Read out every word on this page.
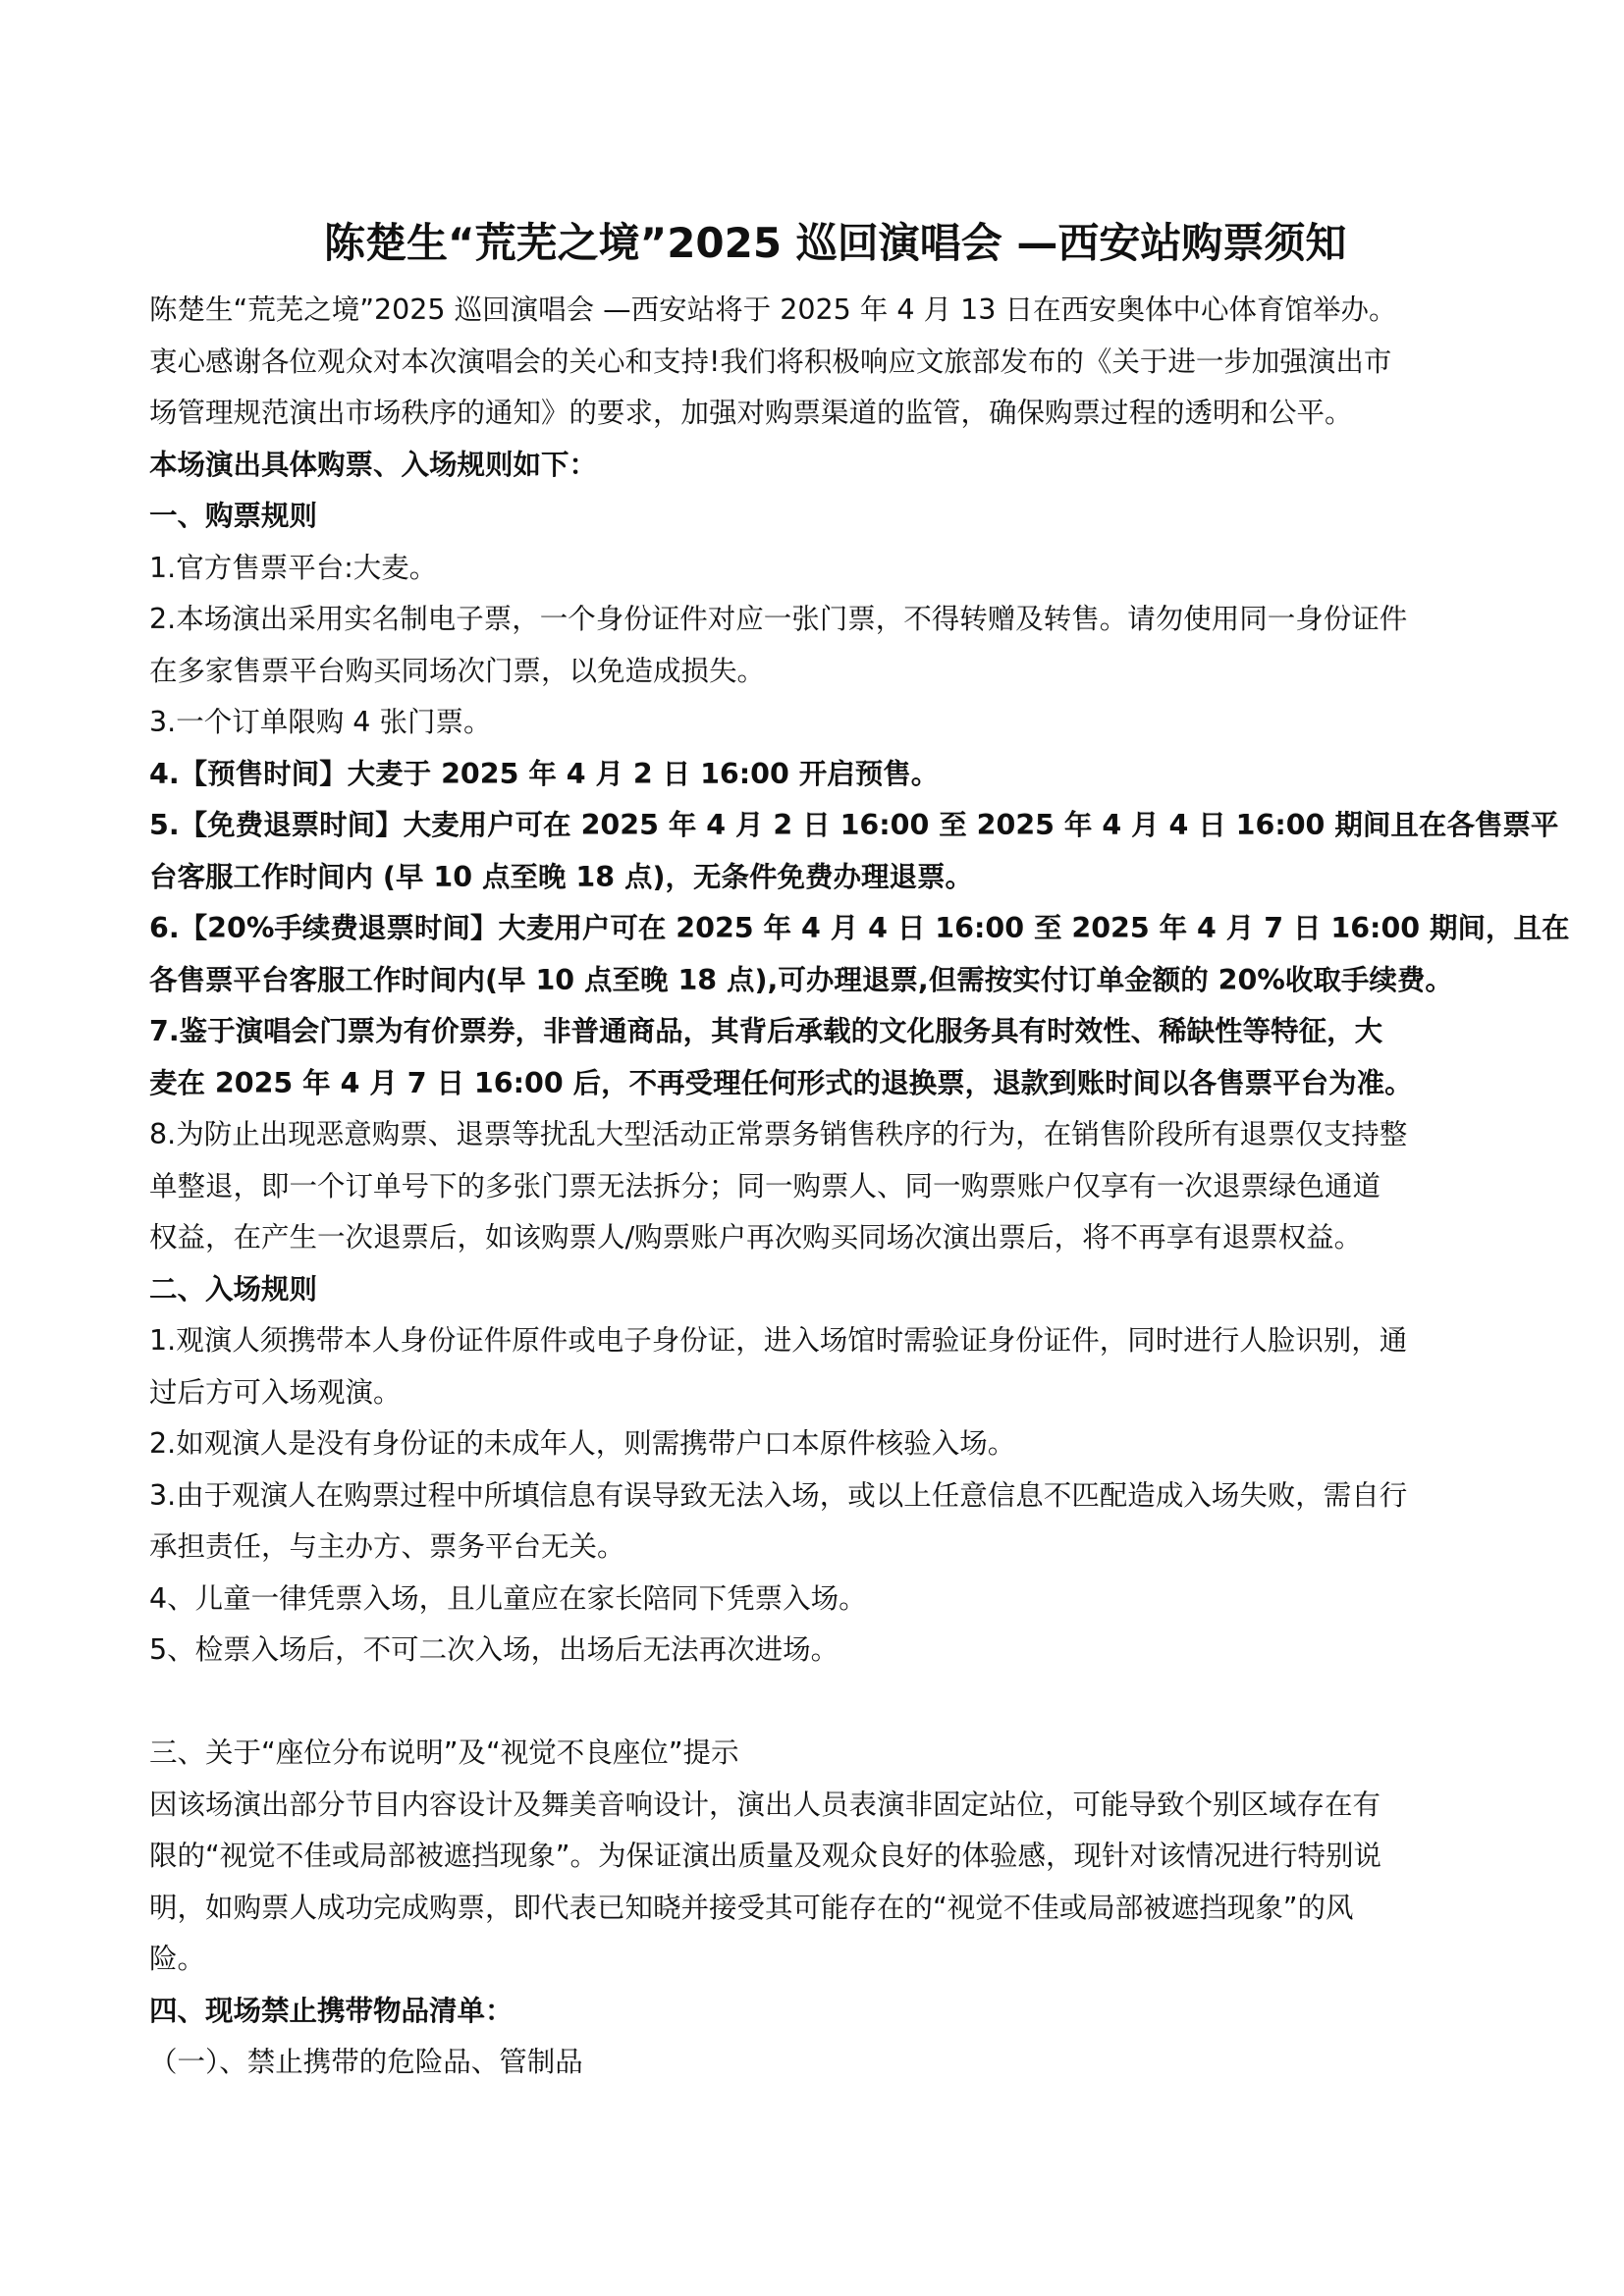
陈楚生“荒芜之境”2025 巡回演唱会 —西安站购票须知
陈楚生“荒芜之境”2025 巡回演唱会 —西安站将于 2025 年 4 月 13 日在西安奥体中心体育馆举办。
衷心感谢各位观众对本次演唱会的关心和支持!我们将积极响应文旅部发布的《关于进一步加强演出市
场管理规范演出市场秩序的通知》的要求，加强对购票渠道的监管，确保购票过程的透明和公平。
本场演出具体购票、入场规则如下：
一、购票规则
1.官方售票平台:大麦。
2.本场演出采用实名制电子票，一个身份证件对应一张门票，不得转赠及转售。请勿使用同一身份证件
在多家售票平台购买同场次门票，以免造成损失。
3.一个订单限购 4 张门票。
4.【预售时间】大麦于 2025 年 4 月 2 日 16:00 开启预售。
5.【免费退票时间】大麦用户可在 2025 年 4 月 2 日 16:00 至 2025 年 4 月 4 日 16:00 期间且在各售票平
台客服工作时间内 (早 10 点至晚 18 点)，无条件免费办理退票。
6.【20%手续费退票时间】大麦用户可在 2025 年 4 月 4 日 16:00 至 2025 年 4 月 7 日 16:00 期间，且在
各售票平台客服工作时间内(早 10 点至晚 18 点),可办理退票,但需按实付订单金额的 20%收取手续费。
7.鉴于演唱会门票为有价票券，非普通商品，其背后承载的文化服务具有时效性、稀缺性等特征，大
麦在 2025 年 4 月 7 日 16:00 后，不再受理任何形式的退换票，退款到账时间以各售票平台为准。
8.为防止出现恶意购票、退票等扰乱大型活动正常票务销售秩序的行为，在销售阶段所有退票仅支持整
单整退，即一个订单号下的多张门票无法拆分；同一购票人、同一购票账户仅享有一次退票绿色通道
权益，在产生一次退票后，如该购票人/购票账户再次购买同场次演出票后，将不再享有退票权益。
二、入场规则
1.观演人须携带本人身份证件原件或电子身份证，进入场馆时需验证身份证件，同时进行人脸识别，通
过后方可入场观演。
2.如观演人是没有身份证的未成年人，则需携带户口本原件核验入场。
3.由于观演人在购票过程中所填信息有误导致无法入场，或以上任意信息不匹配造成入场失败，需自行
承担责任，与主办方、票务平台无关。
4、儿童一律凭票入场，且儿童应在家长陪同下凭票入场。
5、检票入场后，不可二次入场，出场后无法再次进场。
三、关于“座位分布说明”及“视觉不良座位”提示
因该场演出部分节目内容设计及舞美音响设计，演出人员表演非固定站位，可能导致个别区域存在有
限的“视觉不佳或局部被遮挡现象”。为保证演出质量及观众良好的体验感，现针对该情况进行特别说
明，如购票人成功完成购票，即代表已知晓并接受其可能存在的“视觉不佳或局部被遮挡现象”的风
险。
四、现场禁止携带物品清单：
（一）、禁止携带的危险品、管制品
